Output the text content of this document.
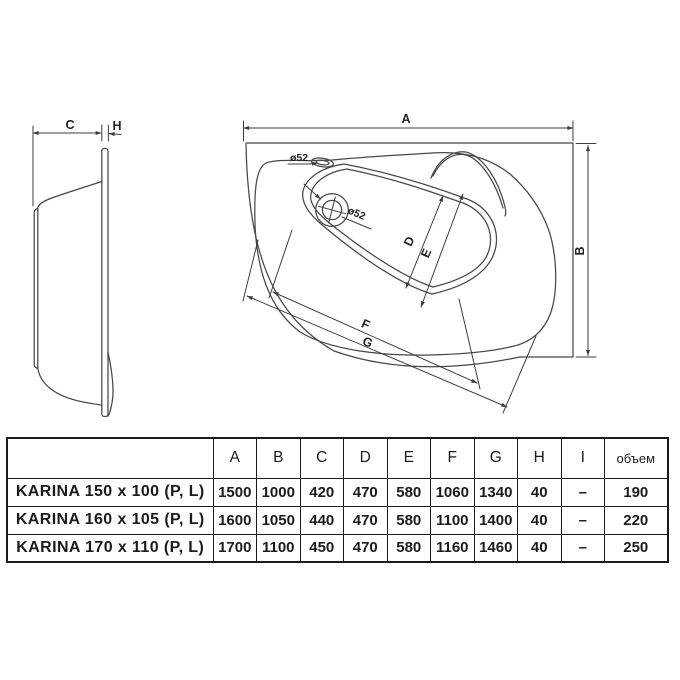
C	H	A
B
ø52
ø52
D
E
F
G
	A	B	C	D	E	F	G	H	I	объем
KARINA 150 x 100 (P, L)	1500	1000	420	470	580	1060	1340	40	–	190
KARINA 160 x 105 (P, L)	1600	1050	440	470	580	1100	1400	40	–	220
KARINA 170 x 110 (P, L)	1700	1100	450	470	580	1160	1460	40	–	250
